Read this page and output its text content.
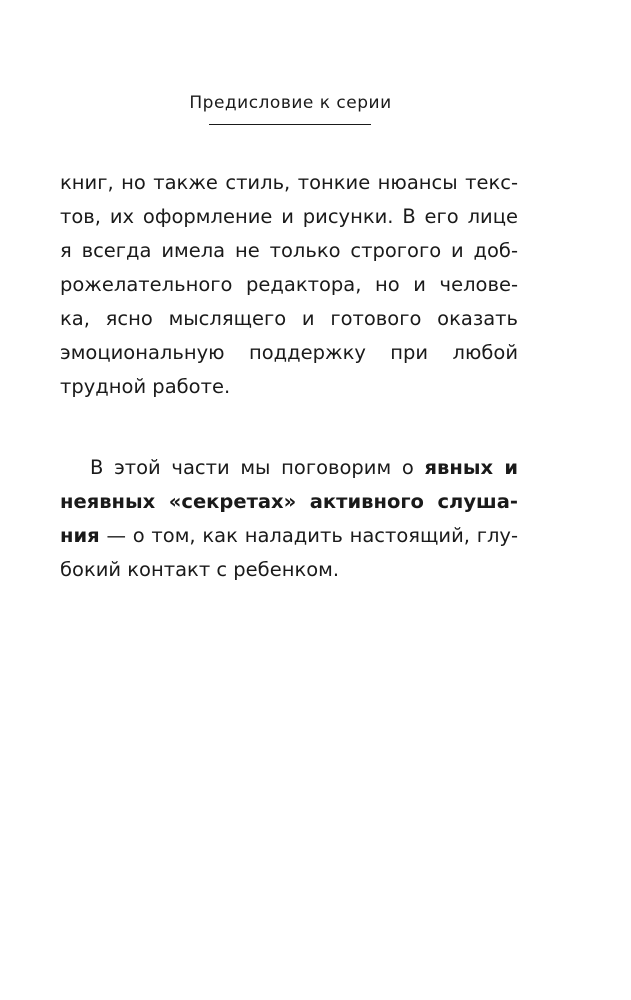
Предисловие к серии
книг, но также стиль, тонкие нюансы текс-
тов, их оформление и рисунки. В его лице
я всегда имела не только строгого и доб-
рожелательного редактора, но и челове-
ка, ясно мыслящего и готового оказать
эмоциональную поддержку при любой
трудной работе.
В этой части мы поговорим о явных и
неявных «секретах» активного слуша-
ния — о том, как наладить настоящий, глу-
бокий контакт с ребенком.
